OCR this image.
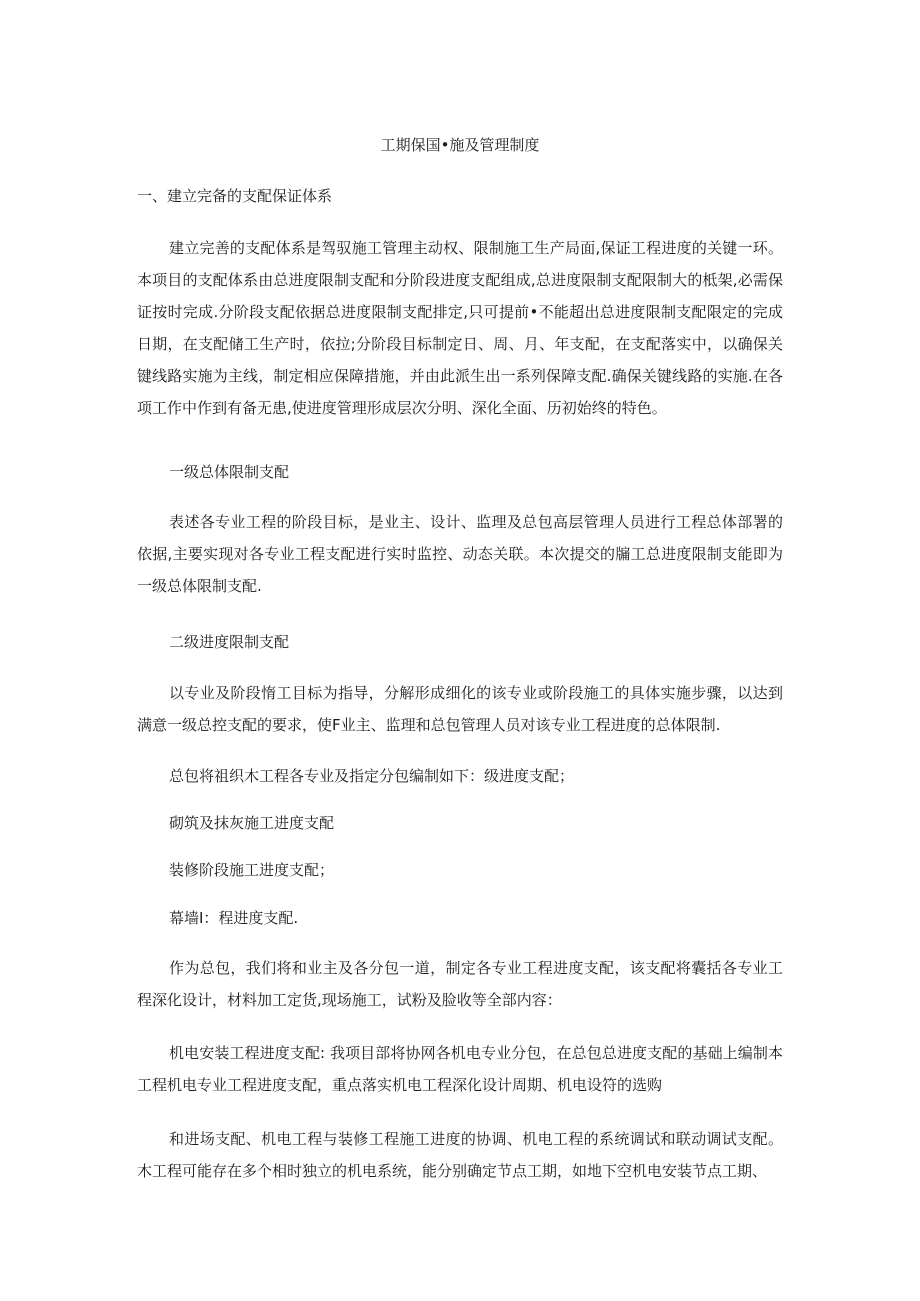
工期保国•施及管理制度
一、建立完备的支配保证体系

建立完善的支配体系是驾驭施工管理主动权、限制施工生产局面,保证工程进度的关键一环。本项目的支配体系由总进度限制支配和分阶段进度支配组成,总进度限制支配限制大的柢架,必需保证按时完成.分阶段支配依据总进度限制支配排定,只可提前•不能超出总进度限制支配限定的完成日期，在支配储工生产时，依拉;分阶段目标制定日、周、月、年支配，在支配落实中，以确保关键线路实施为主线，制定相应保障措施，并由此派生出一系列保障支配.确保关键线路的实施.在各项工作中作到有备无患,使进度管理形成层次分明、深化全面、历初始终的特色。

一级总体限制支配

表述各专业工程的阶段目标，是业主、设计、监理及总包高层管理人员进行工程总体部署的依据,主要实现对各专业工程支配进行实时监控、动态关联。本次提交的牖工总进度限制支能即为一级总体限制支配.

二级进度限制支配

以专业及阶段惰工目标为指导，分解形成细化的该专业或阶段施工的具体实施步骤，以达到满意一级总控支配的要求，使F业主、监理和总包管理人员对该专业工程进度的总体限制.

总包将祖织木工程各专业及指定分包编制如下：级进度支配；

砌筑及抹灰施工进度支配

装修阶段施工进度支配；

幕墙I：程进度支配.

作为总包，我们将和业主及各分包一道，制定各专业工程进度支配，该支配将囊括各专业工程深化设计，材料加工定货,现场施工，试粉及脸收等全部内容：

机电安装工程进度支配: 我项目部将协网各机电专业分包，在总包总进度支配的基础上编制本工程机电专业工程进度支配，重点落实机电工程深化设计周期、机电设符的选购

和进场支配、机电工程与装修工程施工进度的协调、机电工程的系统调试和联动调试支配。木工程可能存在多个相时独立的机电系统，能分别确定节点工期，如地下空机电安装节点工期、
